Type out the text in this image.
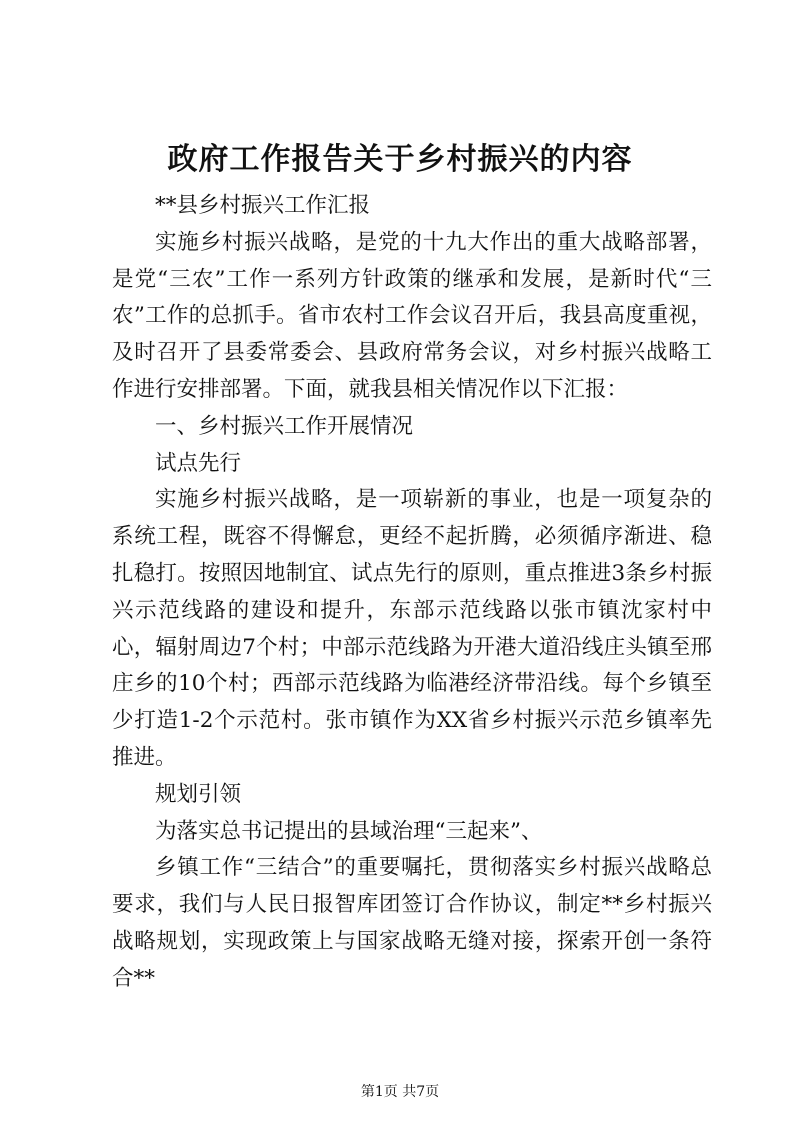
政府工作报告关于乡村振兴的内容

**县乡村振兴工作汇报

实施乡村振兴战略，是党的十九大作出的重大战略部署，是党“三农”工作一系列方针政策的继承和发展，是新时代“三农”工作的总抓手。省市农村工作会议召开后，我县高度重视，及时召开了县委常委会、县政府常务会议，对乡村振兴战略工作进行安排部署。下面，就我县相关情况作以下汇报：

一、乡村振兴工作开展情况

试点先行

实施乡村振兴战略，是一项崭新的事业，也是一项复杂的系统工程，既容不得懈怠，更经不起折腾，必须循序渐进、稳扎稳打。按照因地制宜、试点先行的原则，重点推进3条乡村振兴示范线路的建设和提升，东部示范线路以张市镇沈家村中心，辐射周边7个村；中部示范线路为开港大道沿线庄头镇至邢庄乡的10个村；西部示范线路为临港经济带沿线。每个乡镇至少打造1-2个示范村。张市镇作为XX省乡村振兴示范乡镇率先推进。

规划引领

为落实总书记提出的县域治理“三起来”、

乡镇工作“三结合”的重要嘱托，贯彻落实乡村振兴战略总要求，我们与人民日报智库团签订合作协议，制定**乡村振兴战略规划，实现政策上与国家战略无缝对接，探索开创一条符合**

第1页 共7页
